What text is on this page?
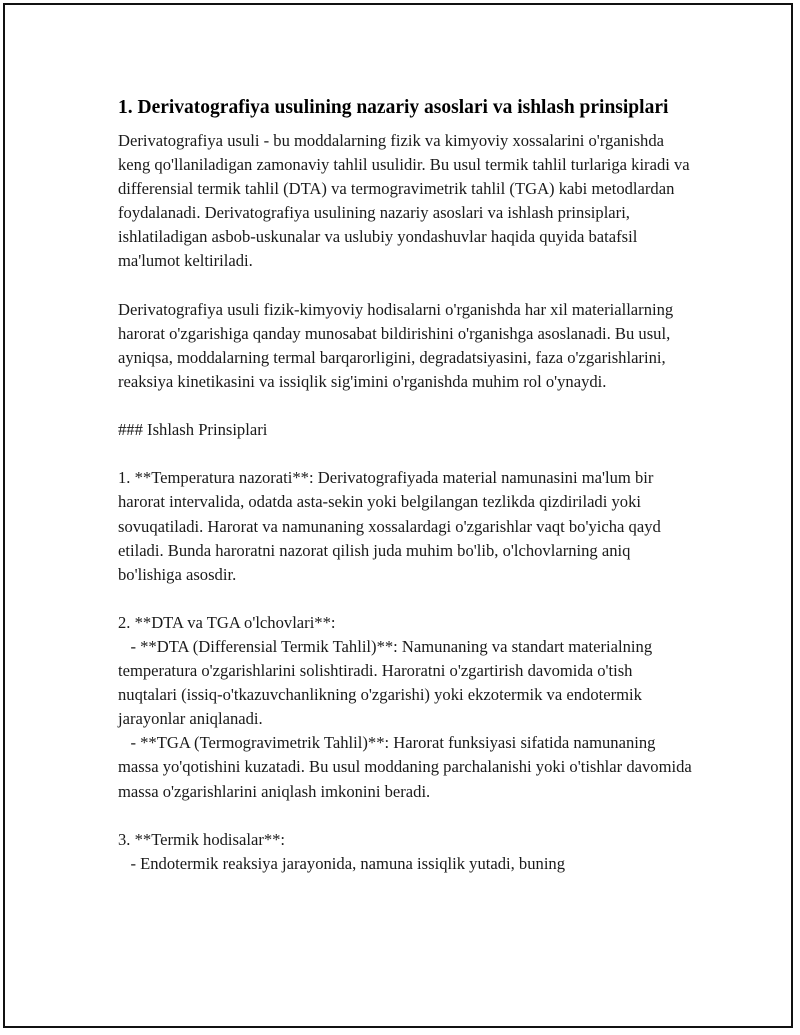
1. Derivatografiya usulining nazariy asoslari va ishlash prinsiplari

Derivatografiya usuli - bu moddalarning fizik va kimyoviy xossalarini o'rganishda keng qo'llaniladigan zamonaviy tahlil usulidir. Bu usul termik tahlil turlariga kiradi va differensial termik tahlil (DTA) va termogravimetrik tahlil (TGA) kabi metodlardan foydalanadi. Derivatografiya usulining nazariy asoslari va ishlash prinsiplari, ishlatiladigan asbob-uskunalar va uslubiy yondashuvlar haqida quyida batafsil ma'lumot keltiriladi.

Derivatografiya usuli fizik-kimyoviy hodisalarni o'rganishda har xil materiallarning harorat o'zgarishiga qanday munosabat bildirishini o'rganishga asoslanadi. Bu usul, ayniqsa, moddalarning termal barqarorligini, degradatsiyasini, faza o'zgarishlarini, reaksiya kinetikasini va issiqlik sig'imini o'rganishda muhim rol o'ynaydi.

### Ishlash Prinsiplari

1. **Temperatura nazorati**: Derivatografiyada material namunasini ma'lum bir harorat intervalida, odatda asta-sekin yoki belgilangan tezlikda qizdiriladi yoki sovuqatiladi. Harorat va namunaning xossalardagi o'zgarishlar vaqt bo'yicha qayd etiladi. Bunda haroratni nazorat qilish juda muhim bo'lib, o'lchovlarning aniq bo'lishiga asosdir.

2. **DTA va TGA o'lchovlari**:

- **DTA (Differensial Termik Tahlil)**: Namunaning va standart materialning temperatura o'zgarishlarini solishtiradi. Haroratni o'zgartirish davomida o'tish nuqtalari (issiq-o'tkazuvchanlikning o'zgarishi) yoki ekzotermik va endotermik jarayonlar aniqlanadi.

- **TGA (Termogravimetrik Tahlil)**: Harorat funksiyasi sifatida namunaning massa yo'qotishini kuzatadi. Bu usul moddaning parchalanishi yoki o'tishlar davomida massa o'zgarishlarini aniqlash imkonini beradi.

3. **Termik hodisalar**:

- Endotermik reaksiya jarayonida, namuna issiqlik yutadi, buning
